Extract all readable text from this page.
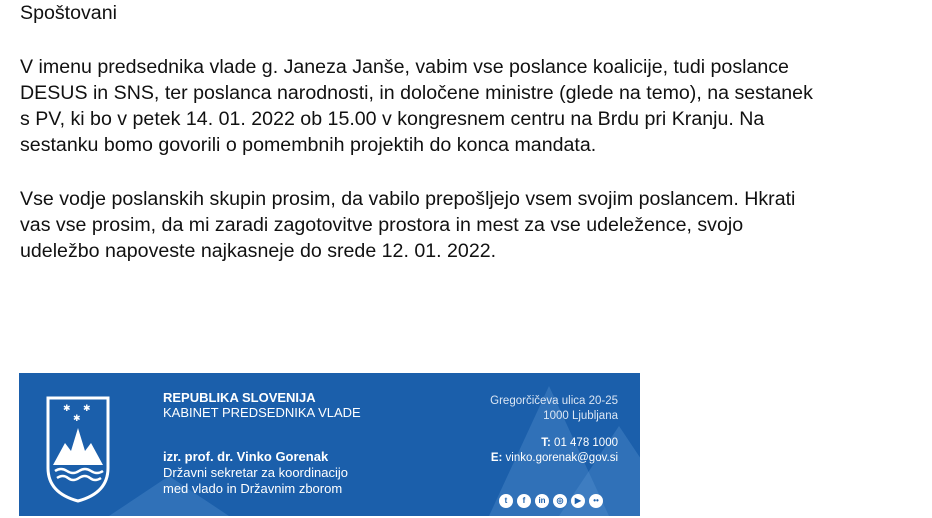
Spoštovani
V imenu predsednika vlade g. Janeza Janše, vabim vse poslance koalicije, tudi poslance
DESUS in SNS, ter poslanca narodnosti, in določene ministre (glede na temo), na sestanek
s PV, ki bo v petek 14. 01. 2022 ob 15.00 v kongresnem centru na Brdu pri Kranju. Na
sestanku bomo govorili o pomembnih projektih do konca mandata.
Vse vodje poslanskih skupin prosim, da vabilo prepošljejo vsem svojim poslancem. Hkrati
vas vse prosim, da mi zaradi zagotovitve prostora in mest za vse udeležence, svojo
udeležbo napoveste najkasneje do srede 12. 01. 2022.
✱ ✱
✱
REPUBLIKA SLOVENIJA
KABINET PREDSEDNIKA VLADE
izr. prof. dr. Vinko Gorenak
Državni sekretar za koordinacijo
med vlado in Državnim zborom
Gregorčičeva ulica 20-25
1000 Ljubljana
T: 01 478 1000
E: vinko.gorenak@gov.si
t	f	in	◎	▶	••
